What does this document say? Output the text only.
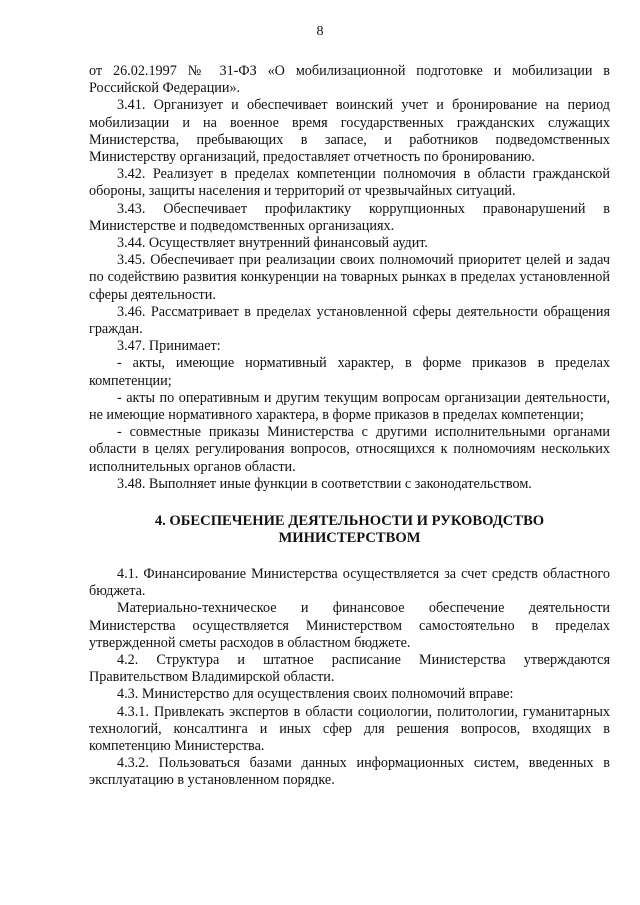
8

от 26.02.1997 № 31-ФЗ «О мобилизационной подготовке и мобилизации в Российской Федерации».

3.41. Организует и обеспечивает воинский учет и бронирование на период мобилизации и на военное время государственных гражданских служащих Министерства, пребывающих в запасе, и работников подведомственных Министерству организаций, предоставляет отчетность по бронированию.

3.42. Реализует в пределах компетенции полномочия в области гражданской обороны, защиты населения и территорий от чрезвычайных ситуаций.

3.43. Обеспечивает профилактику коррупционных правонарушений в Министерстве и подведомственных организациях.

3.44. Осуществляет внутренний финансовый аудит.

3.45. Обеспечивает при реализации своих полномочий приоритет целей и задач по содействию развития конкуренции на товарных рынках в пределах установленной сферы деятельности.

3.46. Рассматривает в пределах установленной сферы деятельности обращения граждан.

3.47. Принимает:

- акты, имеющие нормативный характер, в форме приказов в пределах компетенции;

- акты по оперативным и другим текущим вопросам организации деятельности, не имеющие нормативного характера, в форме приказов в пределах компетенции;

- совместные приказы Министерства с другими исполнительными органами области в целях регулирования вопросов, относящихся к полномочиям нескольких исполнительных органов области.

3.48. Выполняет иные функции в соответствии с законодательством.

4. ОБЕСПЕЧЕНИЕ ДЕЯТЕЛЬНОСТИ И РУКОВОДСТВО
МИНИСТЕРСТВОМ

4.1. Финансирование Министерства осуществляется за счет средств областного бюджета.

Материально-техническое и финансовое обеспечение деятельности Министерства осуществляется Министерством самостоятельно в пределах утвержденной сметы расходов в областном бюджете.

4.2. Структура и штатное расписание Министерства утверждаются Правительством Владимирской области.

4.3. Министерство для осуществления своих полномочий вправе:

4.3.1. Привлекать экспертов в области социологии, политологии, гуманитарных технологий, консалтинга и иных сфер для решения вопросов, входящих в компетенцию Министерства.

4.3.2. Пользоваться базами данных информационных систем, введенных в эксплуатацию в установленном порядке.
